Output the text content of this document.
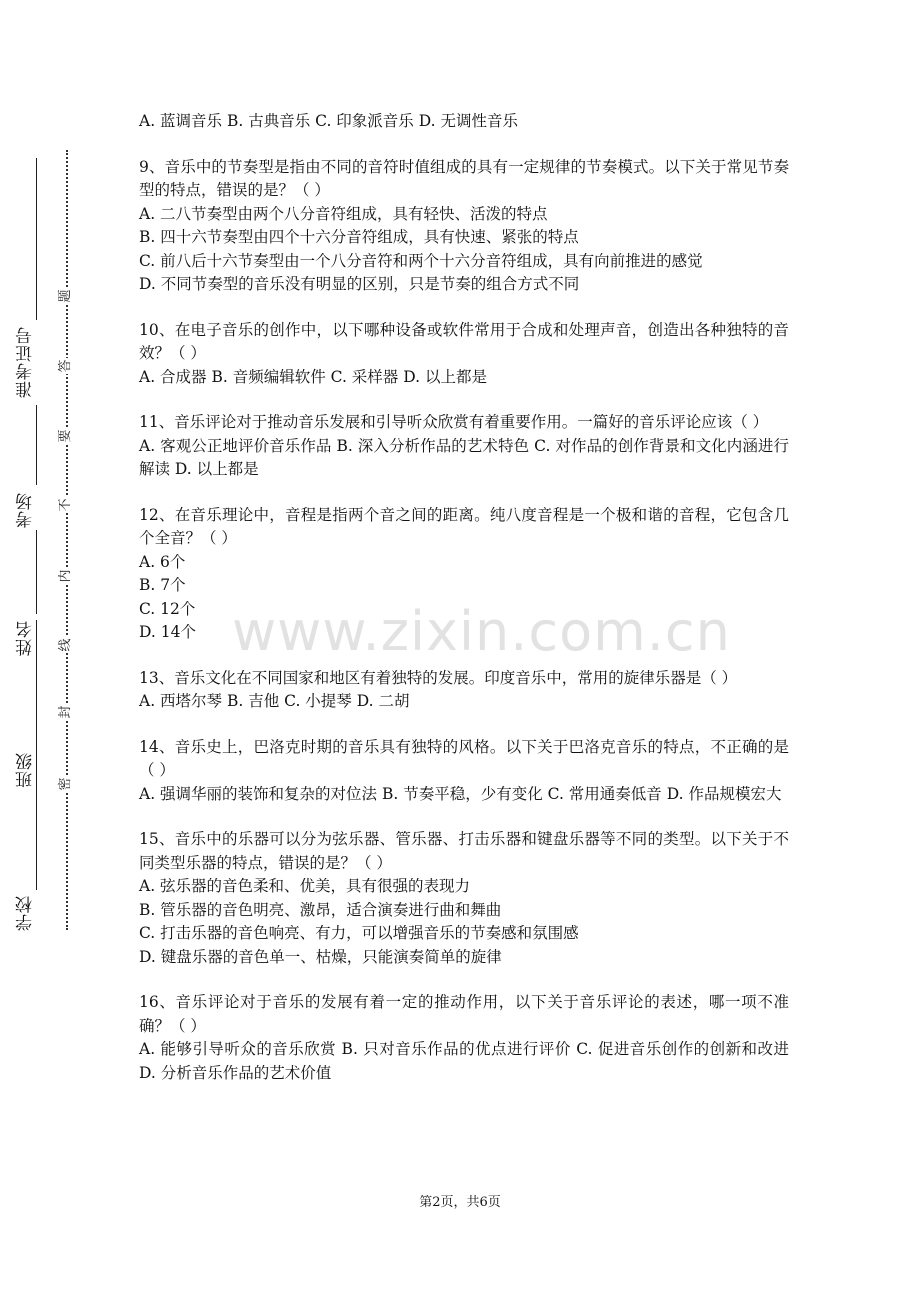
学校
班级
姓名
考场
准考证号
密
封
线
内
不
要
答
题

A. 蓝调音乐 B. 古典音乐 C. 印象派音乐 D. 无调性音乐

9、音乐中的节奏型是指由不同的音符时值组成的具有一定规律的节奏模式。以下关于常见节奏型的特点，错误的是？（ ）

A. 二八节奏型由两个八分音符组成，具有轻快、活泼的特点

B. 四十六节奏型由四个十六分音符组成，具有快速、紧张的特点

C. 前八后十六节奏型由一个八分音符和两个十六分音符组成，具有向前推进的感觉

D. 不同节奏型的音乐没有明显的区别，只是节奏的组合方式不同

10、在电子音乐的创作中，以下哪种设备或软件常用于合成和处理声音，创造出各种独特的音效？（ ）

A. 合成器 B. 音频编辑软件 C. 采样器 D. 以上都是

11、音乐评论对于推动音乐发展和引导听众欣赏有着重要作用。一篇好的音乐评论应该（ ）

A. 客观公正地评价音乐作品 B. 深入分析作品的艺术特色 C. 对作品的创作背景和文化内涵进行解读 D. 以上都是

12、在音乐理论中，音程是指两个音之间的距离。纯八度音程是一个极和谐的音程，它包含几个全音？（ ）

A. 6个

B. 7个

C. 12个

D. 14个

13、音乐文化在不同国家和地区有着独特的发展。印度音乐中，常用的旋律乐器是（ ）

A. 西塔尔琴 B. 吉他 C. 小提琴 D. 二胡

14、音乐史上，巴洛克时期的音乐具有独特的风格。以下关于巴洛克音乐的特点，不正确的是（ ）

A. 强调华丽的装饰和复杂的对位法 B. 节奏平稳，少有变化 C. 常用通奏低音 D. 作品规模宏大

15、音乐中的乐器可以分为弦乐器、管乐器、打击乐器和键盘乐器等不同的类型。以下关于不同类型乐器的特点，错误的是？（ ）

A. 弦乐器的音色柔和、优美，具有很强的表现力

B. 管乐器的音色明亮、激昂，适合演奏进行曲和舞曲

C. 打击乐器的音色响亮、有力，可以增强音乐的节奏感和氛围感

D. 键盘乐器的音色单一、枯燥，只能演奏简单的旋律

16、音乐评论对于音乐的发展有着一定的推动作用，以下关于音乐评论的表述，哪一项不准确？（ ）

A. 能够引导听众的音乐欣赏 B. 只对音乐作品的优点进行评价 C. 促进音乐创作的创新和改进 D. 分析音乐作品的艺术价值

www.zixin.com.cn
第2页，共6页
